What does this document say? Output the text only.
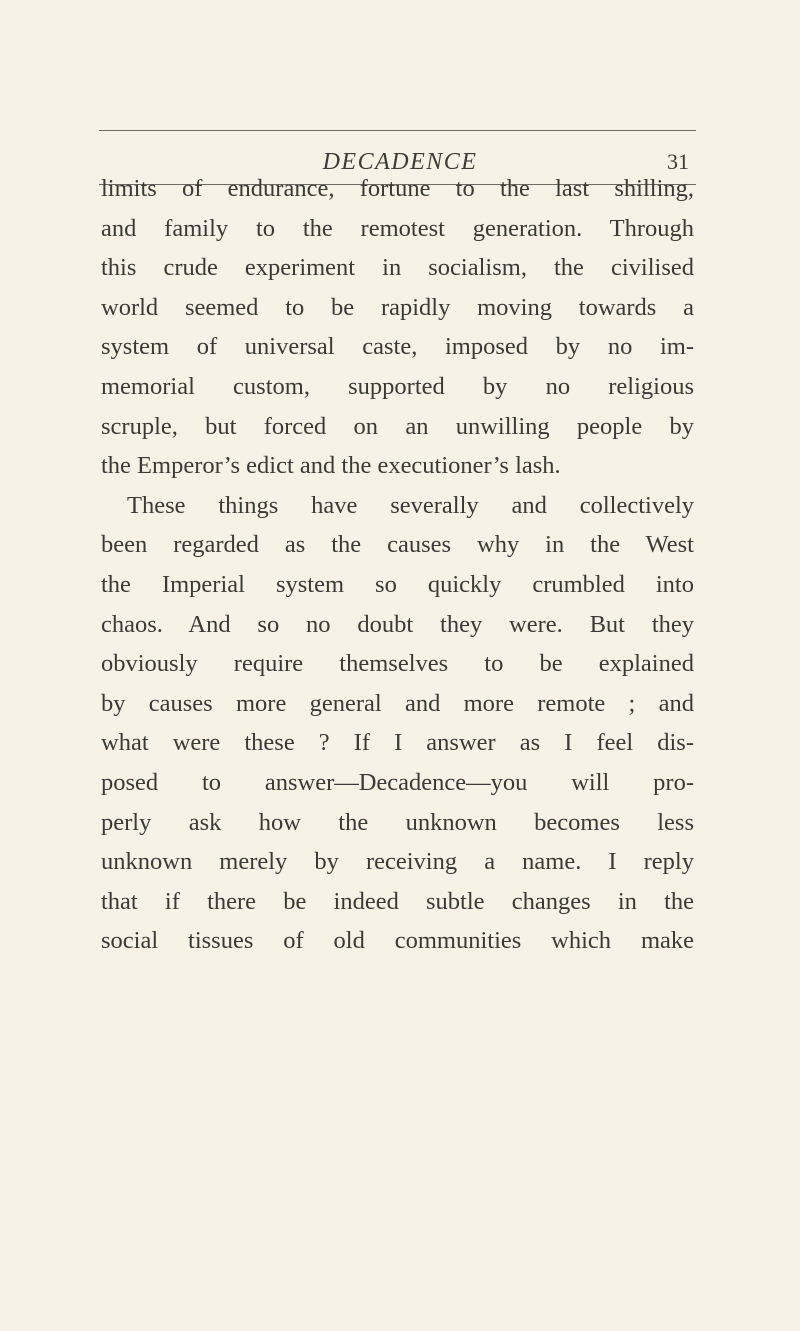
DECADENCE	31
limits of endurance, fortune to the last shilling,
and family to the remotest generation. Through
this crude experiment in socialism, the civilised
world seemed to be rapidly moving towards a
system of universal caste, imposed by no im-
memorial custom, supported by no religious
scruple, but forced on an unwilling people by
the Emperor’s edict and the executioner’s lash.
These things have severally and collectively
been regarded as the causes why in the West
the Imperial system so quickly crumbled into
chaos. And so no doubt they were. But they
obviously require themselves to be explained
by causes more general and more remote ; and
what were these ? If I answer as I feel dis-
posed to answer—Decadence—you will pro-
perly ask how the unknown becomes less
unknown merely by receiving a name. I reply
that if there be indeed subtle changes in the
social tissues of old communities which make
